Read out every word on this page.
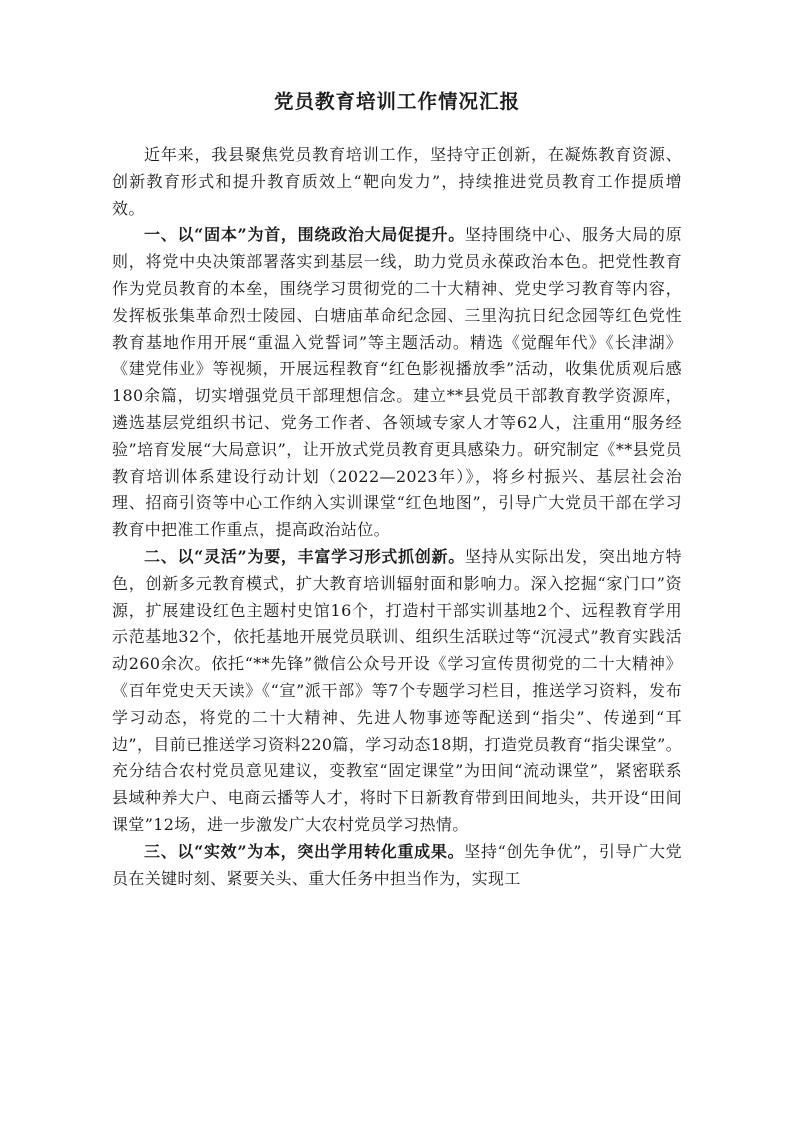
党员教育培训工作情况汇报

近年来，我县聚焦党员教育培训工作，坚持守正创新，在凝炼教育资源、创新教育形式和提升教育质效上“靶向发力”，持续推进党员教育工作提质增效。

一、以“固本”为首，围绕政治大局促提升。坚持围绕中心、服务大局的原则，将党中央决策部署落实到基层一线，助力党员永葆政治本色。把党性教育作为党员教育的本垒，围绕学习贯彻党的二十大精神、党史学习教育等内容，发挥板张集革命烈士陵园、白塘庙革命纪念园、三里沟抗日纪念园等红色党性教育基地作用开展“重温入党誓词”等主题活动。精选《觉醒年代》《长津湖》《建党伟业》等视频，开展远程教育“红色影视播放季”活动，收集优质观后感180余篇，切实增强党员干部理想信念。建立**县党员干部教育教学资源库，遴选基层党组织书记、党务工作者、各领域专家人才等62人，注重用“服务经验”培育发展“大局意识”，让开放式党员教育更具感染力。研究制定《**县党员教育培训体系建设行动计划（2022—2023年）》，将乡村振兴、基层社会治理、招商引资等中心工作纳入实训课堂“红色地图”，引导广大党员干部在学习教育中把准工作重点，提高政治站位。

二、以“灵活”为要，丰富学习形式抓创新。坚持从实际出发，突出地方特色，创新多元教育模式，扩大教育培训辐射面和影响力。深入挖掘“家门口”资源，扩展建设红色主题村史馆16个，打造村干部实训基地2个、远程教育学用示范基地32个，依托基地开展党员联训、组织生活联过等“沉浸式”教育实践活动260余次。依托“**先锋”微信公众号开设《学习宣传贯彻党的二十大精神》《百年党史天天读》《“宣”派干部》等7个专题学习栏目，推送学习资料，发布学习动态，将党的二十大精神、先进人物事迹等配送到“指尖”、传递到“耳边”，目前已推送学习资料220篇，学习动态18期，打造党员教育“指尖课堂”。充分结合农村党员意见建议，变教室“固定课堂”为田间“流动课堂”，紧密联系县域种养大户、电商云播等人才，将时下日新教育带到田间地头，共开设“田间课堂”12场，进一步激发广大农村党员学习热情。

三、以“实效”为本，突出学用转化重成果。坚持“创先争优”，引导广大党员在关键时刻、紧要关头、重大任务中担当作为，实现工
